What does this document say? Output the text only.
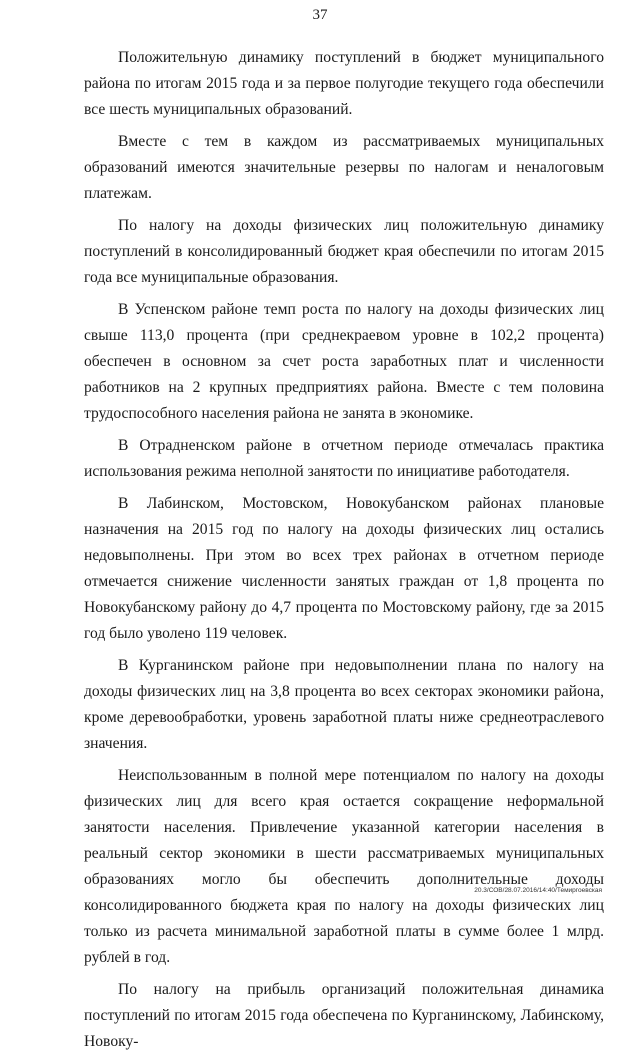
37

Положительную динамику поступлений в бюджет муниципального района по итогам 2015 года и за первое полугодие текущего года обеспечили все шесть муниципальных образований.

Вместе с тем в каждом из рассматриваемых муниципальных образований имеются значительные резервы по налогам и неналоговым платежам.

По налогу на доходы физических лиц положительную динамику поступлений в консолидированный бюджет края обеспечили по итогам 2015 года все муниципальные образования.

В Успенском районе темп роста по налогу на доходы физических лиц свыше 113,0 процента (при среднекраевом уровне в 102,2 процента) обеспечен в основном за счет роста заработных плат и численности работников на 2 крупных предприятиях района. Вместе с тем половина трудоспособного населения района не занята в экономике.

В Отрадненском районе в отчетном периоде отмечалась практика использования режима неполной занятости по инициативе работодателя.

В Лабинском, Мостовском, Новокубанском районах плановые назначения на 2015 год по налогу на доходы физических лиц остались недовыполнены. При этом во всех трех районах в отчетном периоде отмечается снижение численности занятых граждан от 1,8 процента по Новокубанскому району до 4,7 процента по Мостовскому району, где за 2015 год было уволено 119 человек.

В Курганинском районе при недовыполнении плана по налогу на доходы физических лиц на 3,8 процента во всех секторах экономики района, кроме деревообработки, уровень заработной платы ниже среднеотраслевого значения.

Неиспользованным в полной мере потенциалом по налогу на доходы физических лиц для всего края остается сокращение неформальной занятости населения. Привлечение указанной категории населения в реальный сектор экономики в шести рассматриваемых муниципальных образованиях могло бы обеспечить дополнительные доходы консолидированного бюджета края по налогу на доходы физических лиц только из расчета минимальной заработной платы в сумме более 1 млрд. рублей в год.

По налогу на прибыль организаций положительная динамика поступлений по итогам 2015 года обеспечена по Курганинскому, Лабинскому, Новоку-

20.3/СОВ/28.07.2016/14:40/Темиргоевская
